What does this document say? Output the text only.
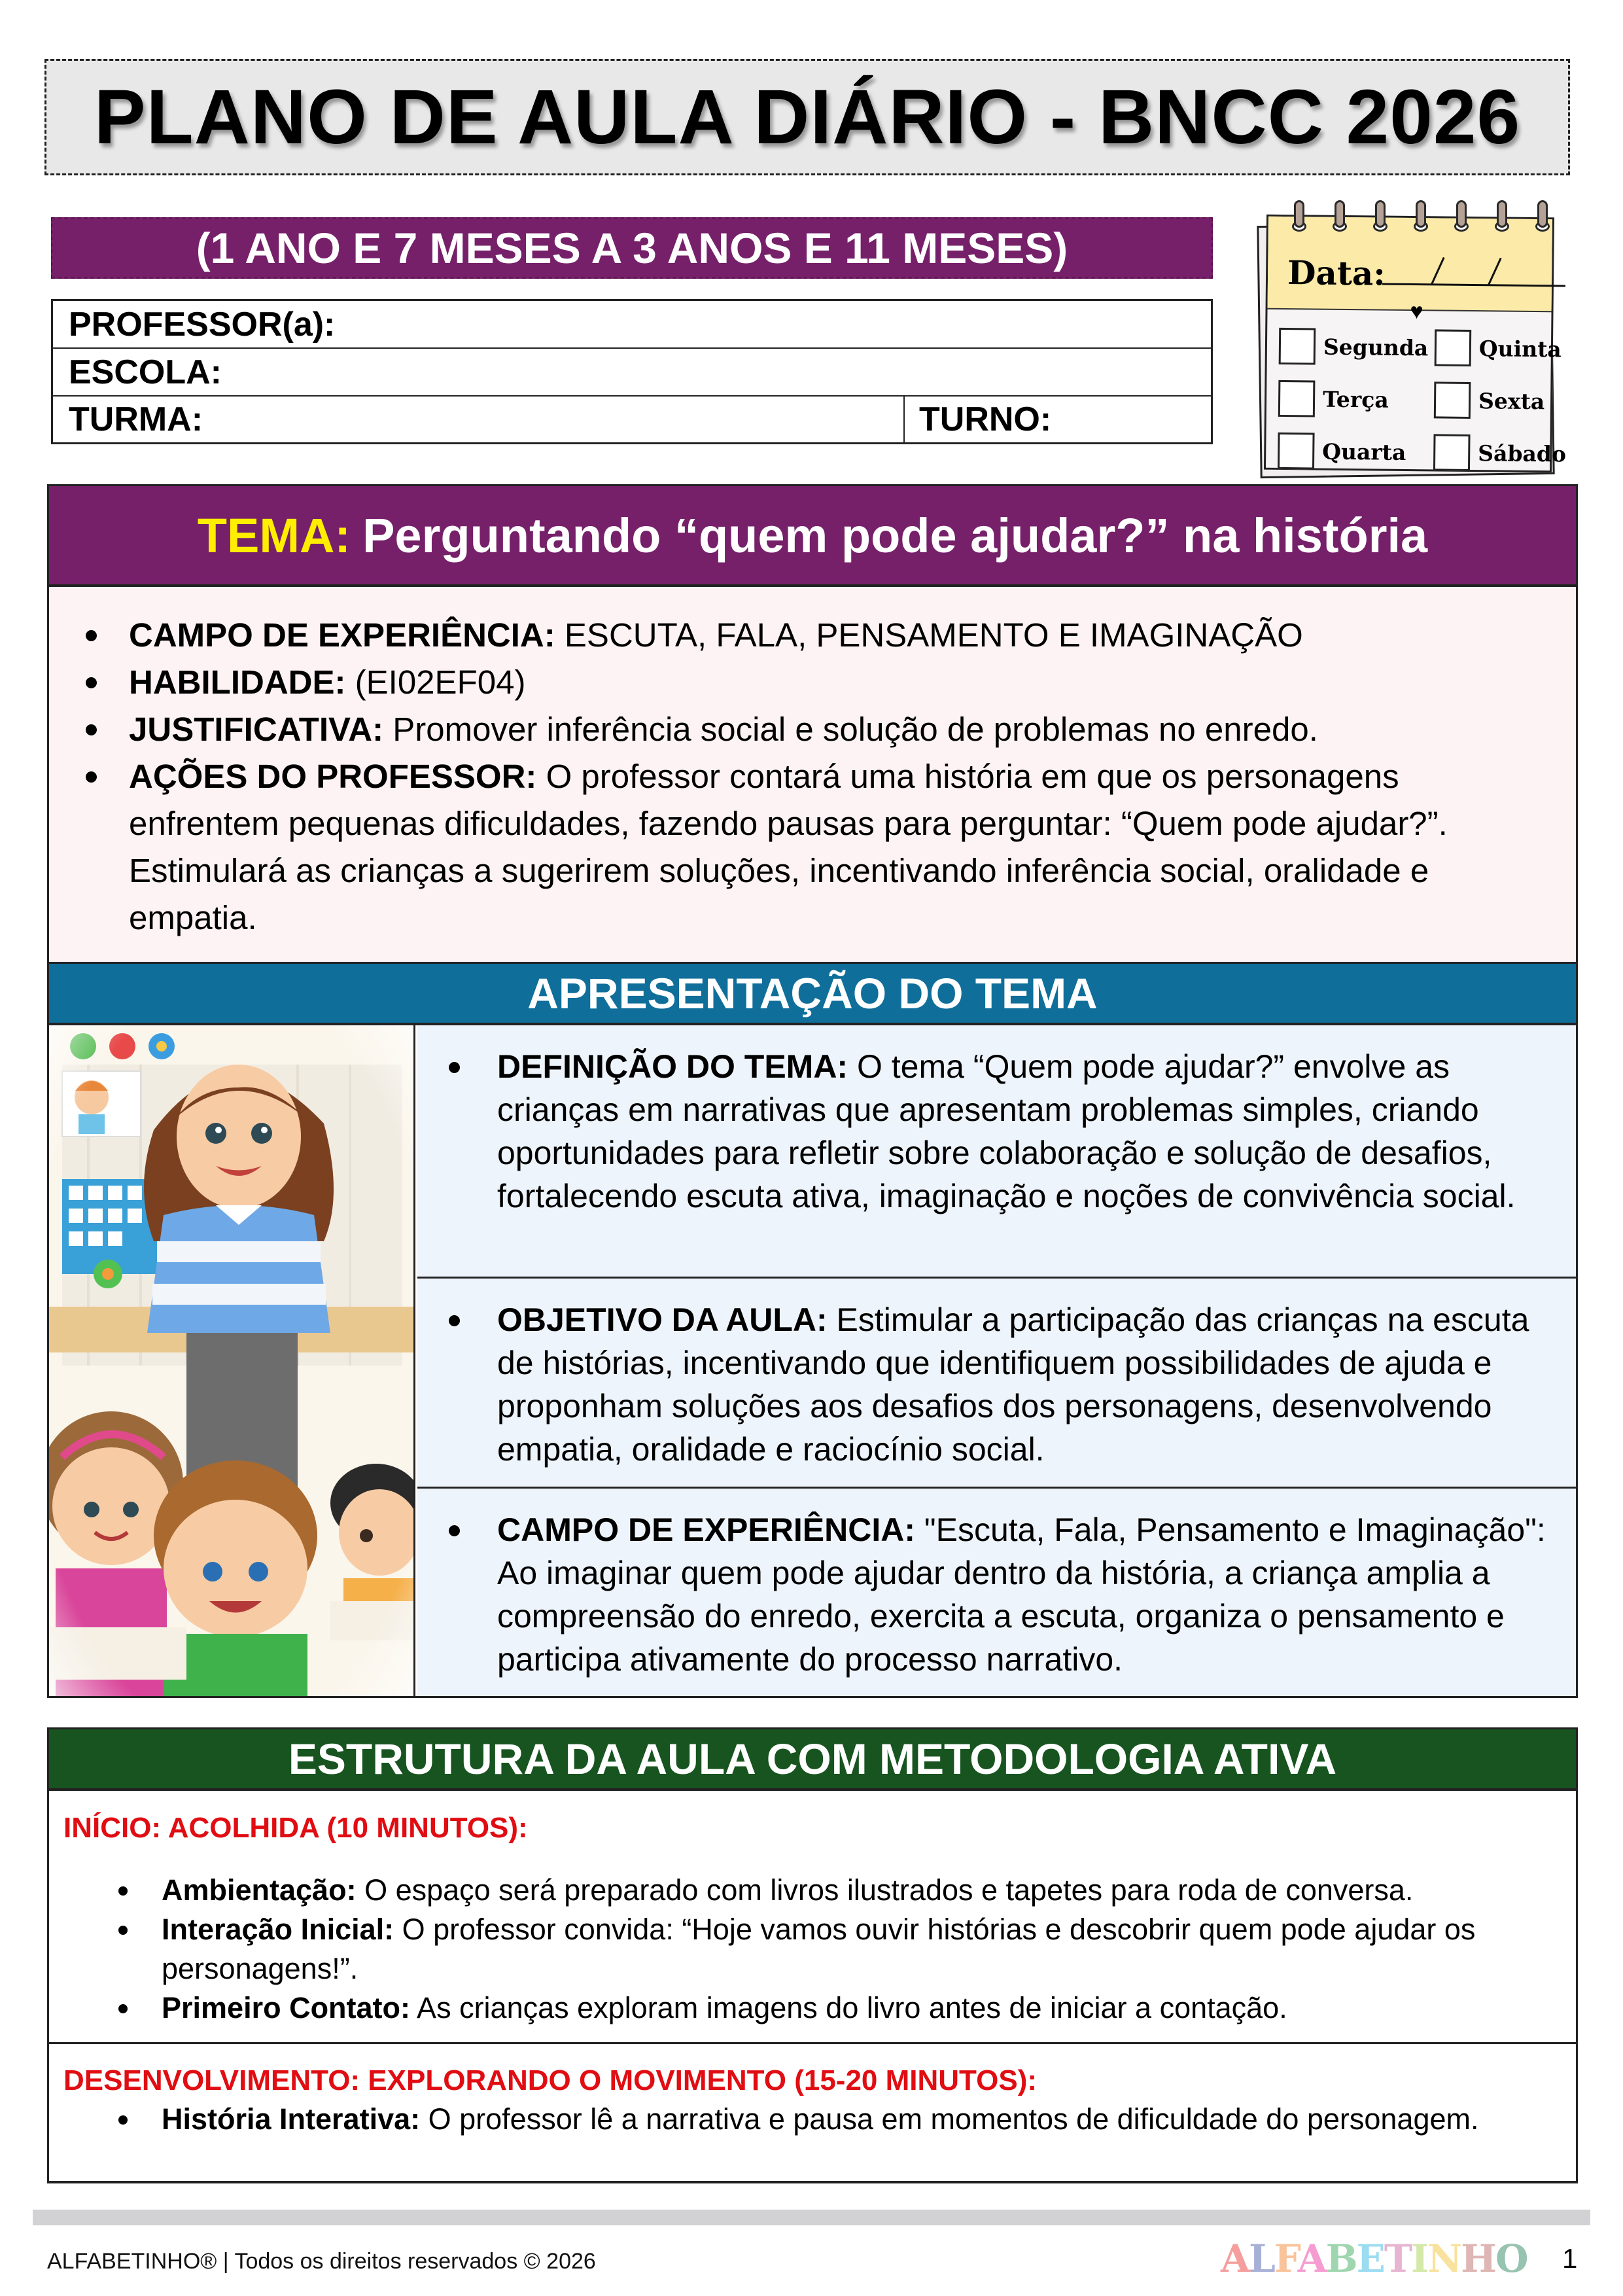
PLANO DE AULA DIÁRIO - BNCC 2026
(1 ANO E 7 MESES A 3 ANOS E 11 MESES)
PROFESSOR(a):
ESCOLA:
TURMA:	TURNO:
Data:
♥
Segunda
Terça
Quarta
Quinta
Sexta
Sábado
TEMA: Perguntando “quem pode ajudar?” na história
CAMPO DE EXPERIÊNCIA: ESCUTA, FALA, PENSAMENTO E IMAGINAÇÃO
HABILIDADE: (EI02EF04)
JUSTIFICATIVA: Promover inferência social e solução de problemas no enredo.
AÇÕES DO PROFESSOR: O professor contará uma história em que os personagens enfrentem pequenas dificuldades, fazendo pausas para perguntar: “Quem pode ajudar?”. Estimulará as crianças a sugerirem soluções, incentivando inferência social, oralidade e empatia.
APRESENTAÇÃO DO TEMA
DEFINIÇÃO DO TEMA: O tema “Quem pode ajudar?” envolve as crianças em narrativas que apresentam problemas simples, criando oportunidades para refletir sobre colaboração e solução de desafios, fortalecendo escuta ativa, imaginação e noções de convivência social.
OBJETIVO DA AULA: Estimular a participação das crianças na escuta de histórias, incentivando que identifiquem possibilidades de ajuda e proponham soluções aos desafios dos personagens, desenvolvendo empatia, oralidade e raciocínio social.
CAMPO DE EXPERIÊNCIA: "Escuta, Fala, Pensamento e Imaginação": Ao imaginar quem pode ajudar dentro da história, a criança amplia a compreensão do enredo, exercita a escuta, organiza o pensamento e participa ativamente do processo narrativo.
ESTRUTURA DA AULA COM METODOLOGIA ATIVA
INÍCIO: ACOLHIDA (10 MINUTOS):
Ambientação: O espaço será preparado com livros ilustrados e tapetes para roda de conversa.
Interação Inicial: O professor convida: “Hoje vamos ouvir histórias e descobrir quem pode ajudar os personagens!”.
Primeiro Contato: As crianças exploram imagens do livro antes de iniciar a contação.
DESENVOLVIMENTO: EXPLORANDO O MOVIMENTO (15-20 MINUTOS):
História Interativa: O professor lê a narrativa e pausa em momentos de dificuldade do personagem.
ALFABETINHO® | Todos os direitos reservados © 2026	ALFABETINHO 1
